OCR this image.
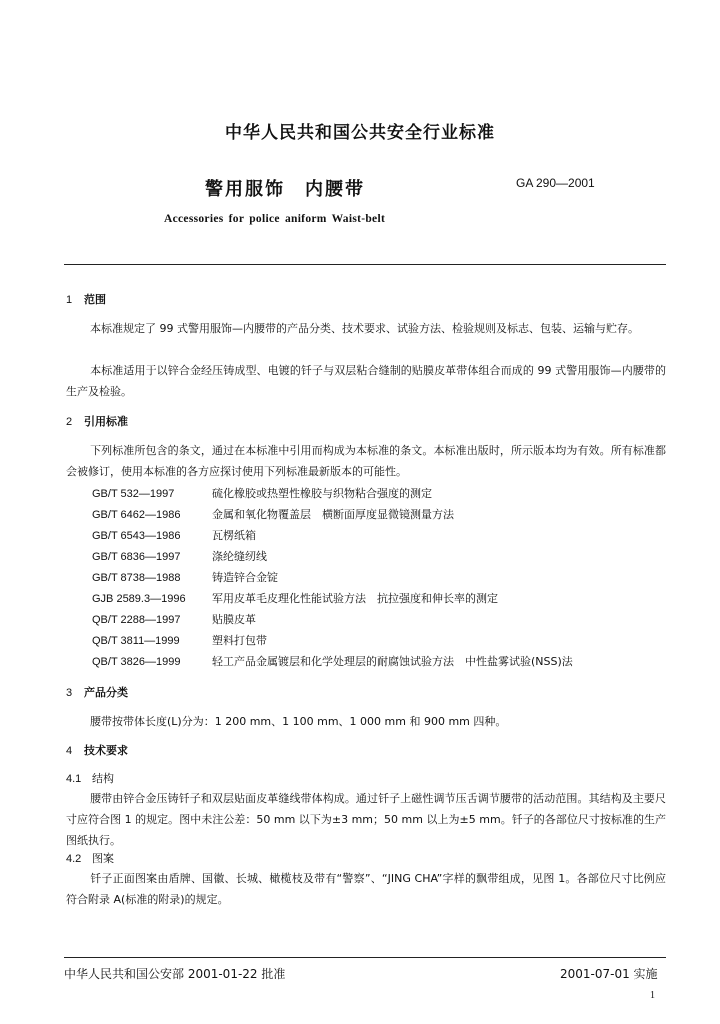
中华人民共和国公共安全行业标准
警用服饰　内腰带	GA 290—2001
Accessories for police aniform Waist-belt
1 范围
本标准规定了 99 式警用服饰—内腰带的产品分类、技术要求、试验方法、检验规则及标志、包装、运输与贮存。
本标准适用于以锌合金经压铸成型、电镀的钎子与双层粘合缝制的贴膜皮革带体组合而成的 99 式警用服饰—内腰带的生产及检验。
2 引用标准
下列标准所包含的条文，通过在本标准中引用而构成为本标准的条文。本标准出版时，所示版本均为有效。所有标准都会被修订，使用本标准的各方应探讨使用下列标准最新版本的可能性。
GB/T 532—1997	硫化橡胶或热塑性橡胶与织物粘合强度的测定
GB/T 6462—1986	金属和氧化物覆盖层　横断面厚度显微镜测量方法
GB/T 6543—1986	瓦楞纸箱
GB/T 6836—1997	涤纶缝纫线
GB/T 8738—1988	铸造锌合金锭
GJB 2589.3—1996 军用皮革毛皮理化性能试验方法　抗拉强度和伸长率的测定
QB/T 2288—1997	贴膜皮革
QB/T 3811—1999	塑料打包带
QB/T 3826—1999	轻工产品金属镀层和化学处理层的耐腐蚀试验方法　中性盐雾试验(NSS)法
3 产品分类
腰带按带体长度(L)分为：1 200 mm、1 100 mm、1 000 mm 和 900 mm 四种。
4 技术要求
4.1 结构
腰带由锌合金压铸钎子和双层贴面皮革缝线带体构成。通过钎子上磁性调节压舌调节腰带的活动范围。其结构及主要尺寸应符合图 1 的规定。图中未注公差：50 mm 以下为±3 mm；50 mm 以上为±5 mm。钎子的各部位尺寸按标准的生产图纸执行。
4.2 图案
钎子正面图案由盾牌、国徽、长城、橄榄枝及带有“警察”、“JING CHA”字样的飘带组成，见图 1。各部位尺寸比例应符合附录 A(标准的附录)的规定。
中华人民共和国公安部 2001-01-22 批准	2001-07-01 实施
1
